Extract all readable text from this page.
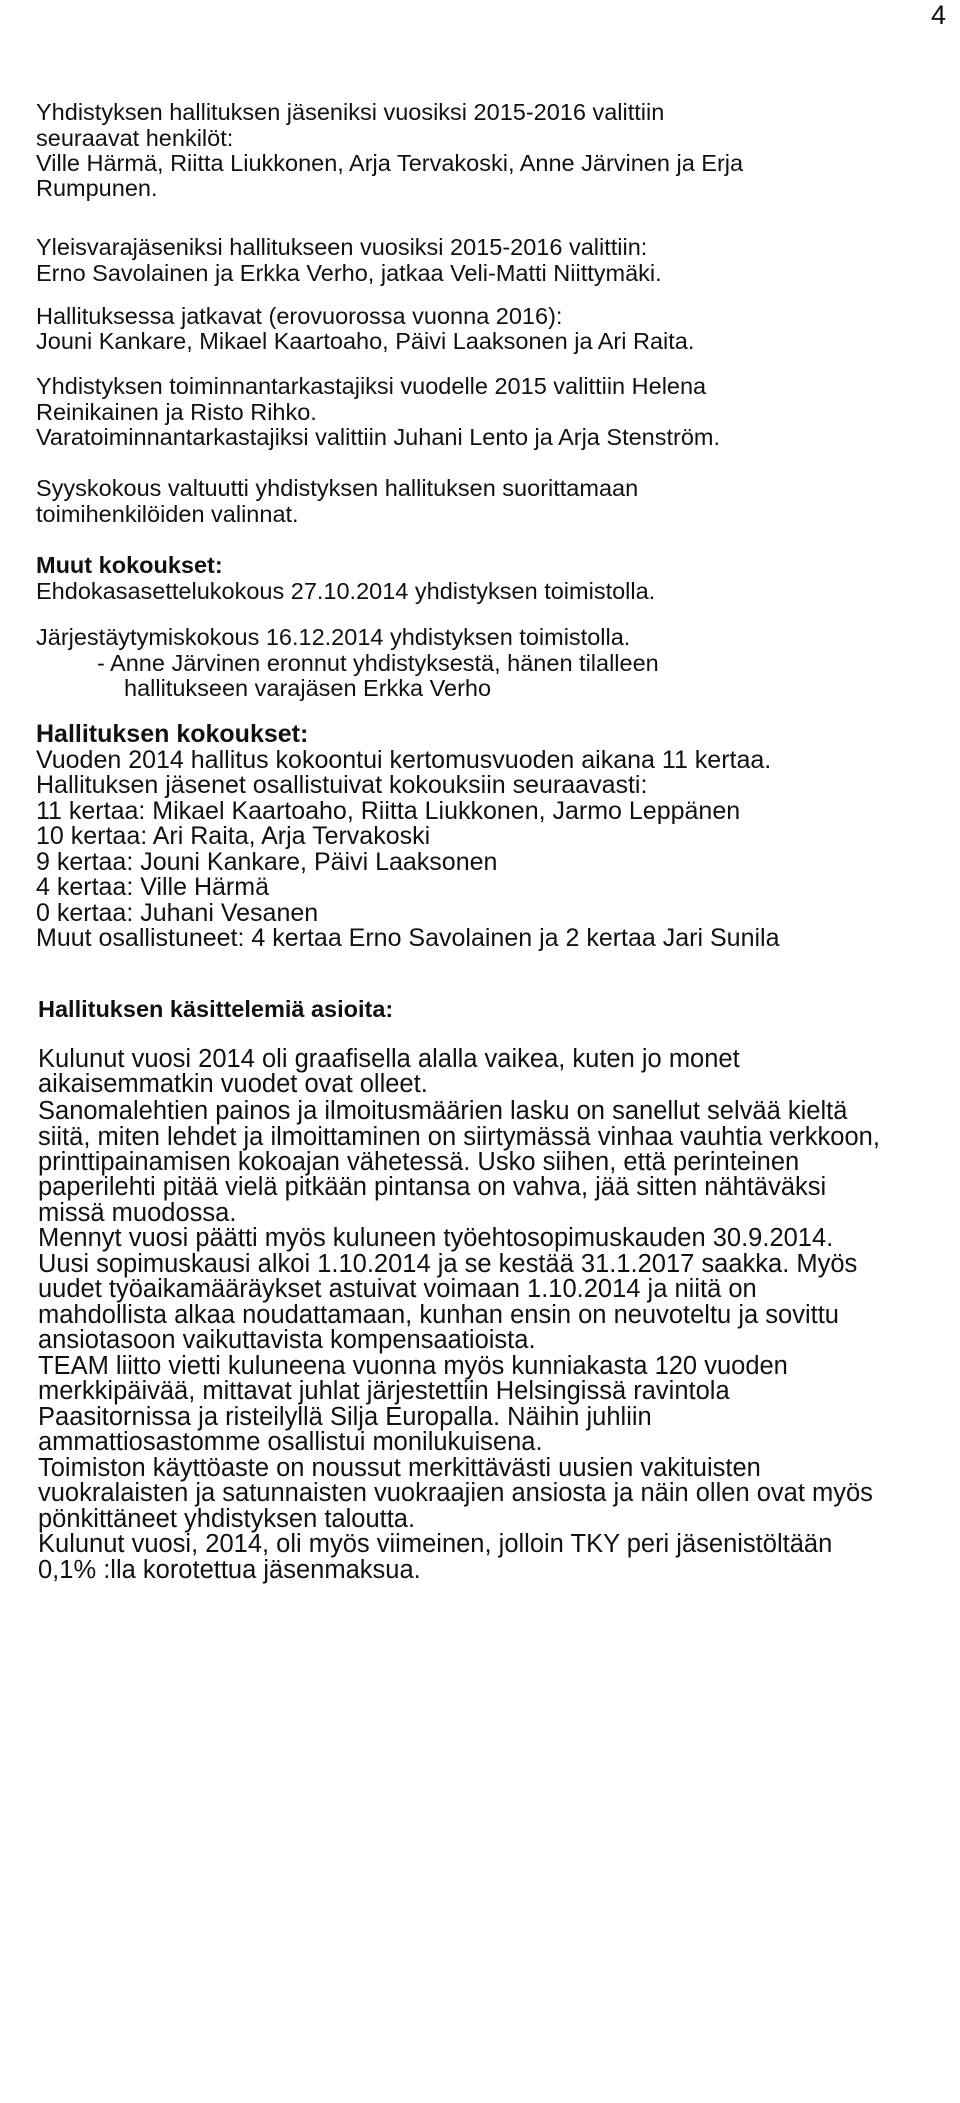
4
Yhdistyksen hallituksen jäseniksi vuosiksi 2015-2016 valittiin
seuraavat henkilöt:
Ville Härmä, Riitta Liukkonen, Arja Tervakoski, Anne Järvinen ja Erja
Rumpunen.
Yleisvarajäseniksi hallitukseen vuosiksi 2015-2016 valittiin:
Erno Savolainen ja Erkka Verho, jatkaa Veli-Matti Niittymäki.
Hallituksessa jatkavat (erovuorossa vuonna 2016):
Jouni Kankare, Mikael Kaartoaho, Päivi Laaksonen ja Ari Raita.
Yhdistyksen toiminnantarkastajiksi vuodelle 2015 valittiin Helena
Reinikainen ja Risto Rihko.
Varatoiminnantarkastajiksi valittiin Juhani Lento ja Arja Stenström.
Syyskokous valtuutti yhdistyksen hallituksen suorittamaan
toimihenkilöiden valinnat.
Muut kokoukset:
Ehdokasasettelukokous 27.10.2014 yhdistyksen toimistolla.
Järjestäytymiskokous 16.12.2014 yhdistyksen toimistolla.
- Anne Järvinen eronnut yhdistyksestä, hänen tilalleen
hallitukseen varajäsen Erkka Verho
Hallituksen kokoukset:
Vuoden 2014 hallitus kokoontui kertomusvuoden aikana 11 kertaa.
Hallituksen jäsenet osallistuivat kokouksiin seuraavasti:
11 kertaa: Mikael Kaartoaho, Riitta Liukkonen, Jarmo Leppänen
10 kertaa: Ari Raita, Arja Tervakoski
9 kertaa: Jouni Kankare, Päivi Laaksonen
4 kertaa: Ville Härmä
0 kertaa: Juhani Vesanen
Muut osallistuneet: 4 kertaa Erno Savolainen ja 2 kertaa Jari Sunila
Hallituksen käsittelemiä asioita:
Kulunut vuosi 2014 oli graafisella alalla vaikea, kuten jo monet
aikaisemmatkin vuodet ovat olleet.
Sanomalehtien painos ja ilmoitusmäärien lasku on sanellut selvää kieltä
siitä, miten lehdet ja ilmoittaminen on siirtymässä vinhaa vauhtia verkkoon,
printtipainamisen kokoajan vähetessä. Usko siihen, että perinteinen
paperilehti pitää vielä pitkään pintansa on vahva, jää sitten nähtäväksi
missä muodossa.
Mennyt vuosi päätti myös kuluneen työehtosopimuskauden 30.9.2014.
Uusi sopimuskausi alkoi 1.10.2014 ja se kestää 31.1.2017 saakka. Myös
uudet työaikamääräykset astuivat voimaan 1.10.2014 ja niitä on
mahdollista alkaa noudattamaan, kunhan ensin on neuvoteltu ja sovittu
ansiotasoon vaikuttavista kompensaatioista.
TEAM liitto vietti kuluneena vuonna myös kunniakasta 120 vuoden
merkkipäivää, mittavat juhlat järjestettiin Helsingissä ravintola
Paasitornissa ja risteilyllä Silja Europalla. Näihin juhliin
ammattiosastomme osallistui monilukuisena.
Toimiston käyttöaste on noussut merkittävästi uusien vakituisten
vuokralaisten ja satunnaisten vuokraajien ansiosta ja näin ollen ovat myös
pönkittäneet yhdistyksen taloutta.
Kulunut vuosi, 2014, oli myös viimeinen, jolloin TKY peri jäsenistöltään
0,1% :lla korotettua jäsenmaksua.
